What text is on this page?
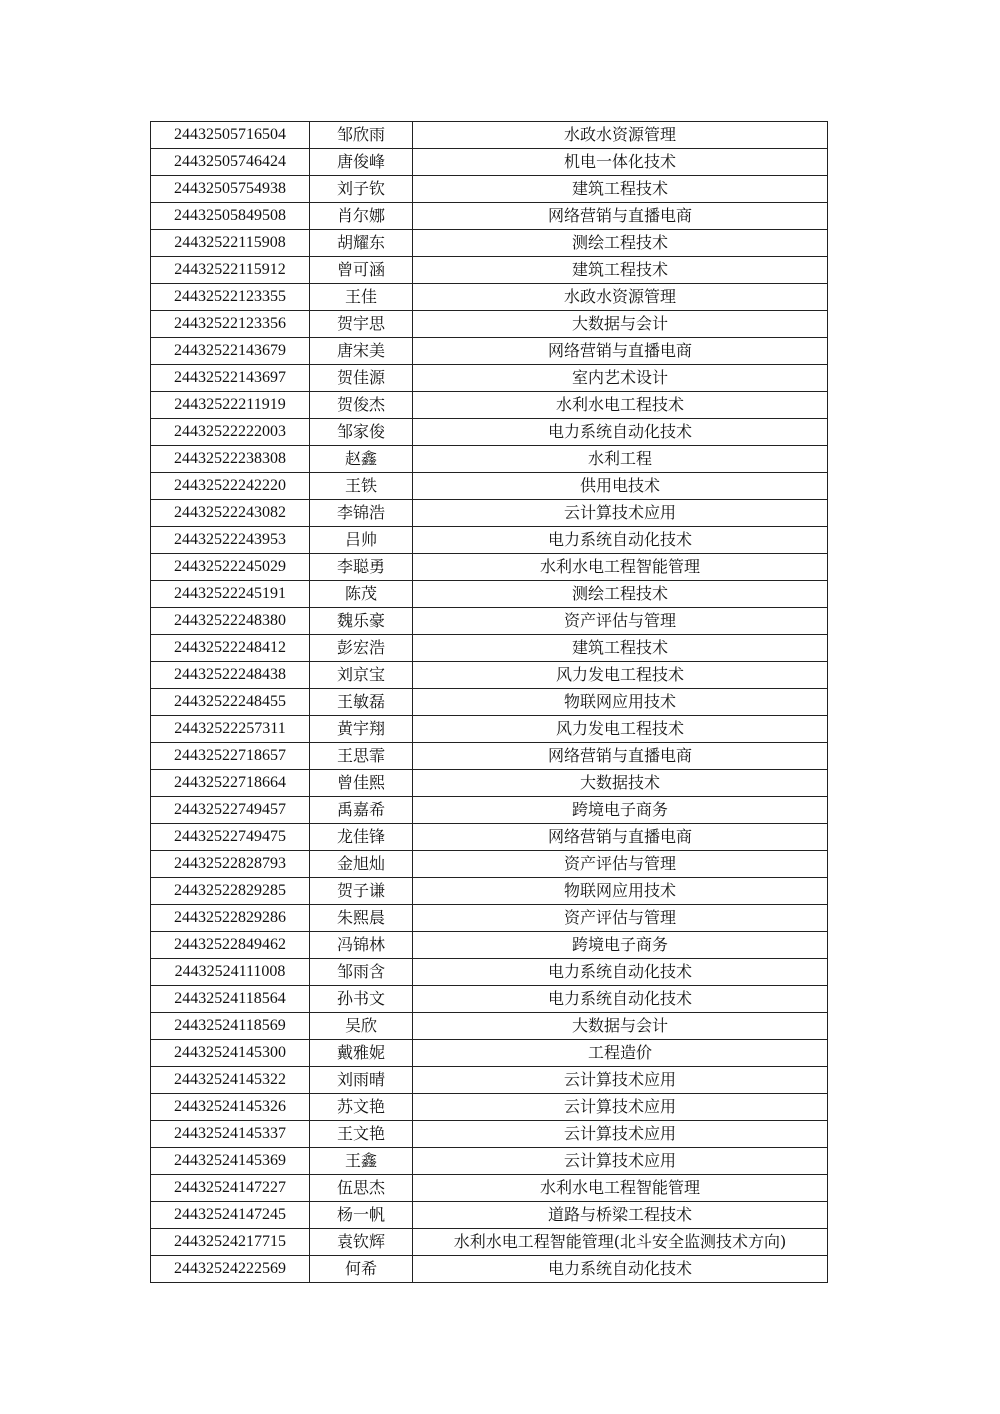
24432505716504	邹欣雨	水政水资源管理
24432505746424	唐俊峰	机电一体化技术
24432505754938	刘子钦	建筑工程技术
24432505849508	肖尔娜	网络营销与直播电商
24432522115908	胡耀东	测绘工程技术
24432522115912	曾可涵	建筑工程技术
24432522123355	王佳	水政水资源管理
24432522123356	贺宇思	大数据与会计
24432522143679	唐宋美	网络营销与直播电商
24432522143697	贺佳源	室内艺术设计
24432522211919	贺俊杰	水利水电工程技术
24432522222003	邹家俊	电力系统自动化技术
24432522238308	赵鑫	水利工程
24432522242220	王铁	供用电技术
24432522243082	李锦浩	云计算技术应用
24432522243953	吕帅	电力系统自动化技术
24432522245029	李聪勇	水利水电工程智能管理
24432522245191	陈茂	测绘工程技术
24432522248380	魏乐豪	资产评估与管理
24432522248412	彭宏浩	建筑工程技术
24432522248438	刘京宝	风力发电工程技术
24432522248455	王敏磊	物联网应用技术
24432522257311	黄宇翔	风力发电工程技术
24432522718657	王思霏	网络营销与直播电商
24432522718664	曾佳熙	大数据技术
24432522749457	禹嘉希	跨境电子商务
24432522749475	龙佳锋	网络营销与直播电商
24432522828793	金旭灿	资产评估与管理
24432522829285	贺子谦	物联网应用技术
24432522829286	朱熙晨	资产评估与管理
24432522849462	冯锦林	跨境电子商务
24432524111008	邹雨含	电力系统自动化技术
24432524118564	孙书文	电力系统自动化技术
24432524118569	吴欣	大数据与会计
24432524145300	戴雅妮	工程造价
24432524145322	刘雨晴	云计算技术应用
24432524145326	苏文艳	云计算技术应用
24432524145337	王文艳	云计算技术应用
24432524145369	王鑫	云计算技术应用
24432524147227	伍思杰	水利水电工程智能管理
24432524147245	杨一帆	道路与桥梁工程技术
24432524217715	袁钦辉	水利水电工程智能管理(北斗安全监测技术方向)
24432524222569	何希	电力系统自动化技术
